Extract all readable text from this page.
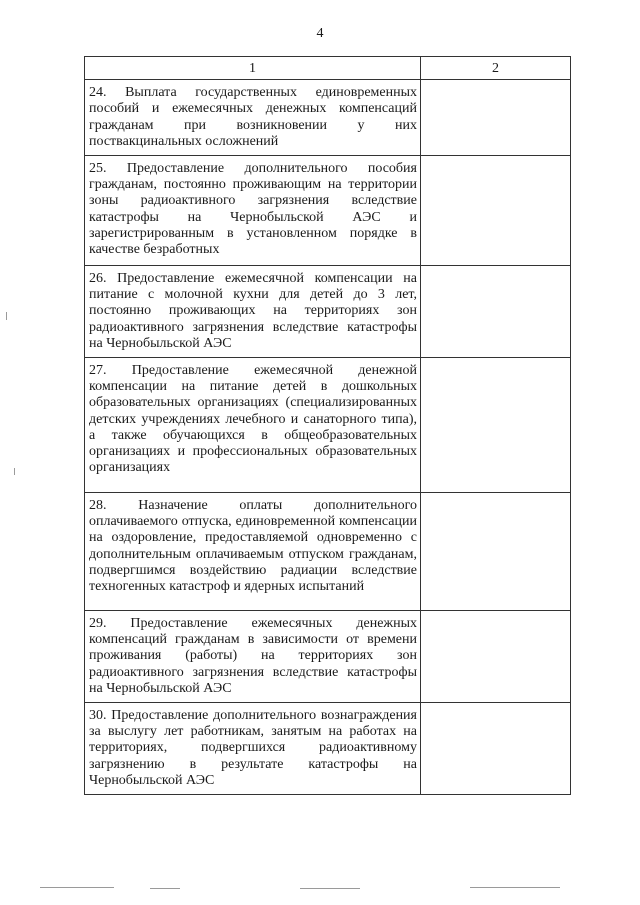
4
1	2
24. Выплата государственных единовременных пособий и ежемесячных денежных компенсаций гражданам при возникновении у них поствакцинальных осложнений	
25. Предоставление дополнительного пособия гражданам, постоянно проживающим на территории зоны радиоактивного загрязнения вследствие катастрофы на Чернобыльской АЭС и зарегистрированным в установленном порядке в качестве безработных	
26. Предоставление ежемесячной компенсации на питание с молочной кухни для детей до 3 лет, постоянно проживающих на территориях зон радиоактивного загрязнения вследствие катастрофы на Чернобыльской АЭС	
27. Предоставление ежемесячной денежной компенсации на питание детей в дошкольных образовательных организациях (специализированных детских учреждениях лечебного и санаторного типа), а также обучающихся в общеобразовательных организациях и профессиональных образовательных организациях	
28. Назначение оплаты дополнительного оплачиваемого отпуска, единовременной компенсации на оздоровление, предоставляемой одновременно с дополнительным оплачиваемым отпуском гражданам, подвергшимся воздействию радиации вследствие техногенных катастроф и ядерных испытаний	
29. Предоставление ежемесячных денежных компенсаций гражданам в зависимости от времени проживания (работы) на территориях зон радиоактивного загрязнения вследствие катастрофы на Чернобыльской АЭС	
30. Предоставление дополнительного вознаграждения за выслугу лет работникам, занятым на работах на территориях, подвергшихся радиоактивному загрязнению в результате катастрофы на Чернобыльской АЭС	
